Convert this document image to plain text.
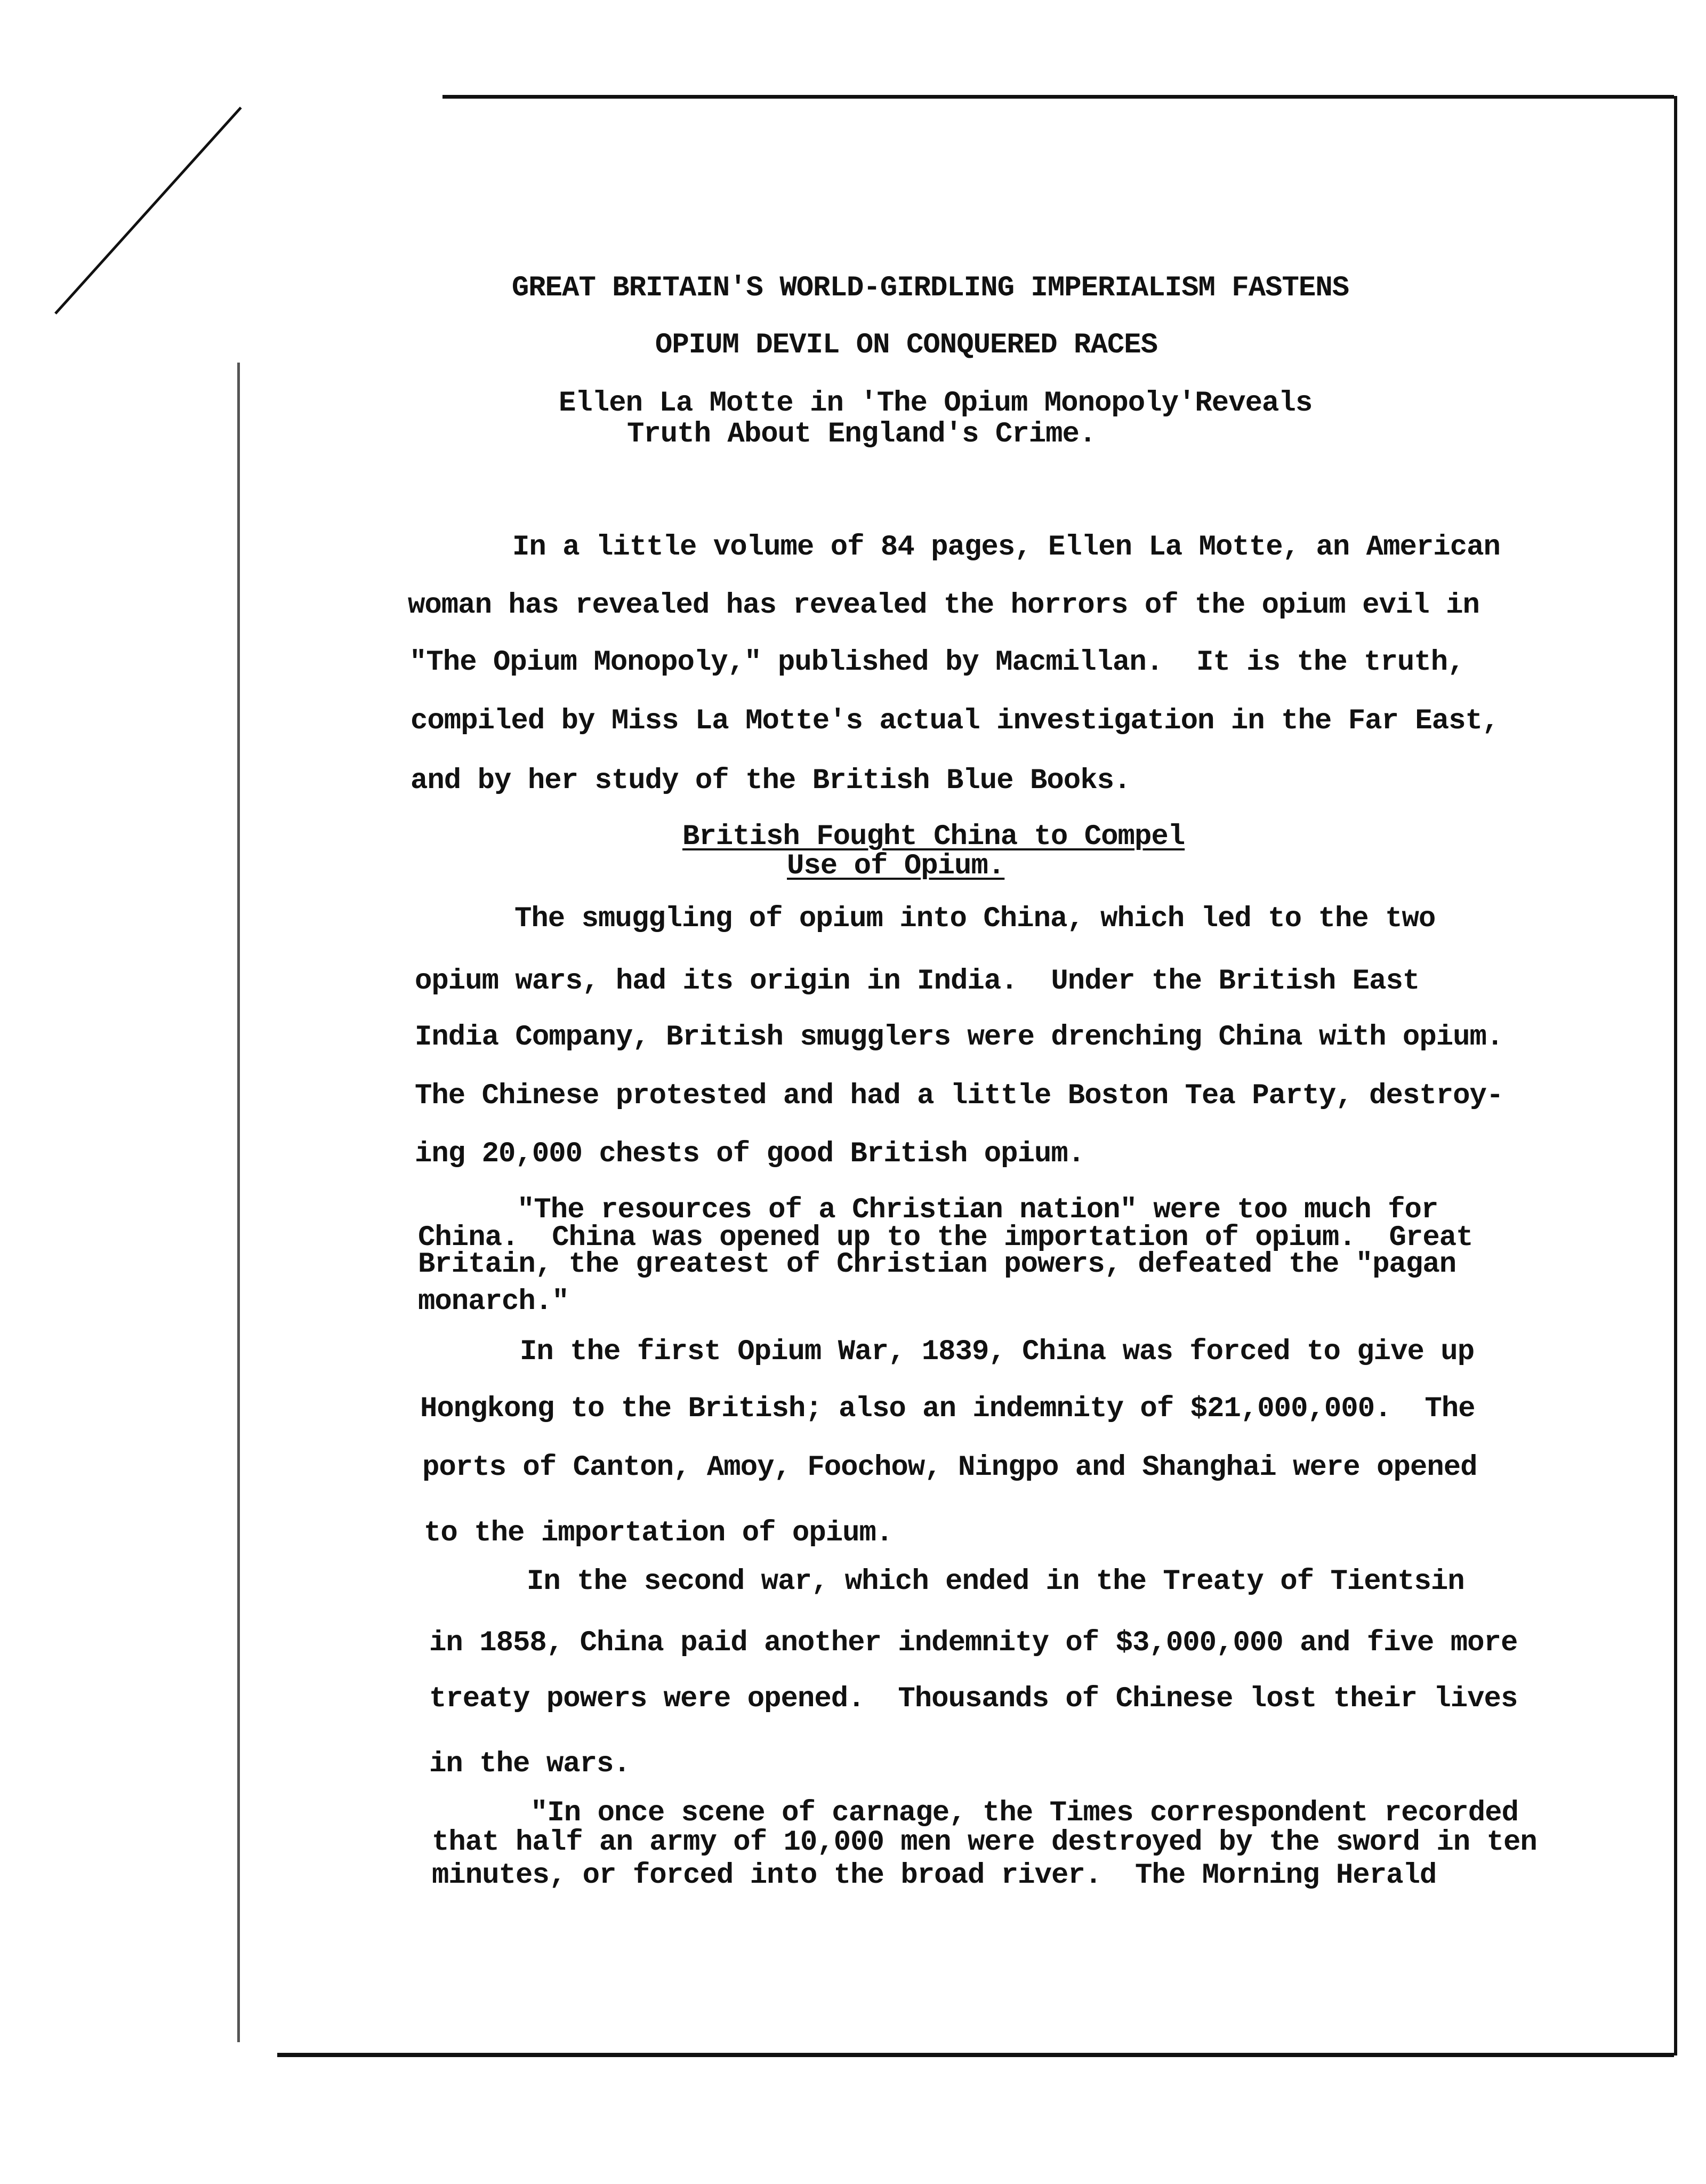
GREAT BRITAIN'S WORLD-GIRDLING IMPERIALISM FASTENS
OPIUM DEVIL ON CONQUERED RACES
Ellen La Motte in 'The Opium Monopoly'Reveals
Truth About England's Crime.
In a little volume of 84 pages, Ellen La Motte, an American
woman has revealed has revealed the horrors of the opium evil in
"The Opium Monopoly," published by Macmillan.  It is the truth,
compiled by Miss La Motte's actual investigation in the Far East,
and by her study of the British Blue Books.
British Fought China to Compel
Use of Opium.
The smuggling of opium into China, which led to the two
opium wars, had its origin in India.  Under the British East
India Company, British smugglers were drenching China with opium.
The Chinese protested and had a little Boston Tea Party, destroy-
ing 20,000 chests of good British opium.
"The resources of a Christian nation" were too much for
China.  China was opened up to the importation of opium.  Great
Britain, the greatest of Christian powers, defeated the "pagan
monarch."
In the first Opium War, 1839, China was forced to give up
Hongkong to the British; also an indemnity of $21,000,000.  The
ports of Canton, Amoy, Foochow, Ningpo and Shanghai were opened
to the importation of opium.
In the second war, which ended in the Treaty of Tientsin
in 1858, China paid another indemnity of $3,000,000 and five more
treaty powers were opened.  Thousands of Chinese lost their lives
in the wars.
"In once scene of carnage, the Times correspondent recorded
that half an army of 10,000 men were destroyed by the sword in ten
minutes, or forced into the broad river.  The Morning Herald
